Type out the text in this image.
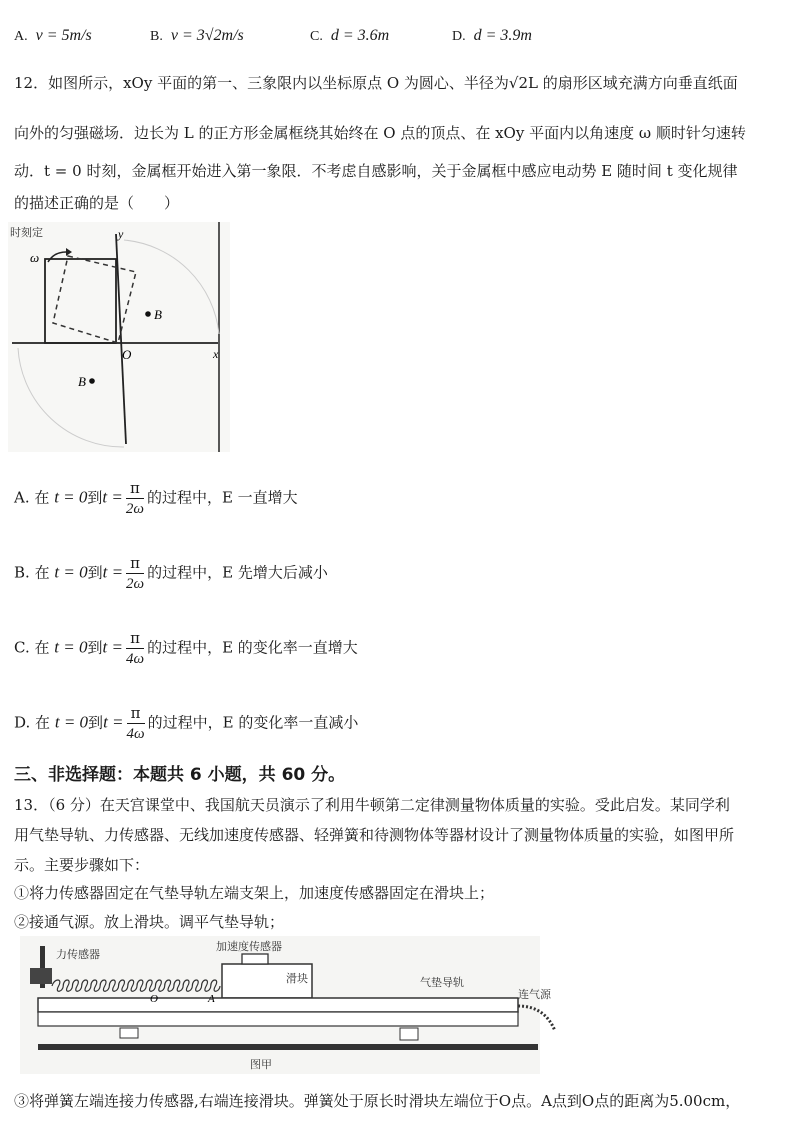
A. v = 5m/s	B. v = 3√2m/s	C. d = 3.6m	D. d = 3.9m
12．如图所示，xOy 平面的第一、三象限内以坐标原点 O 为圆心、半径为√2L 的扇形区域充满方向垂直纸面
向外的匀强磁场．边长为 L 的正方形金属框绕其始终在 O 点的顶点、在 xOy 平面内以角速度 ω 顺时针匀速转
动．t = 0 时刻，金属框开始进入第一象限．不考虑自感影响，关于金属框中感应电动势 E 随时间 t 变化规律
的描述正确的是（　　）
ω
时刻定	y
x
O
B
B
A. 在 t = 0到$t = \frac{\pi}{2\omega}$ 的过程中，E 一直增大
B. 在 t = 0到$t = \frac{\pi}{2\omega}$ 的过程中，E 先增大后减小
C. 在 t = 0到$t = \frac{\pi}{4\omega}$ 的过程中，E 的变化率一直增大
D. 在 t = 0到$t = \frac{\pi}{4\omega}$ 的过程中，E 的变化率一直减小
三、非选择题：本题共 6 小题，共 60 分。
13．（6 分）在天宫课堂中、我国航天员演示了利用牛顿第二定律测量物体质量的实验。受此启发。某同学利
用气垫导轨、力传感器、无线加速度传感器、轻弹簧和待测物体等器材设计了测量物体质量的实验，如图甲所
示。主要步骤如下：
①将力传感器固定在气垫导轨左端支架上，加速度传感器固定在滑块上；
②接通气源。放上滑块。调平气垫导轨；
力传感器
加速度传感器
滑块	气垫导轨
O	A	连气源
图甲
③将弹簧左端连接力传感器,右端连接滑块。弹簧处于原长时滑块左端位于O点。A点到O点的距离为5.00cm，
